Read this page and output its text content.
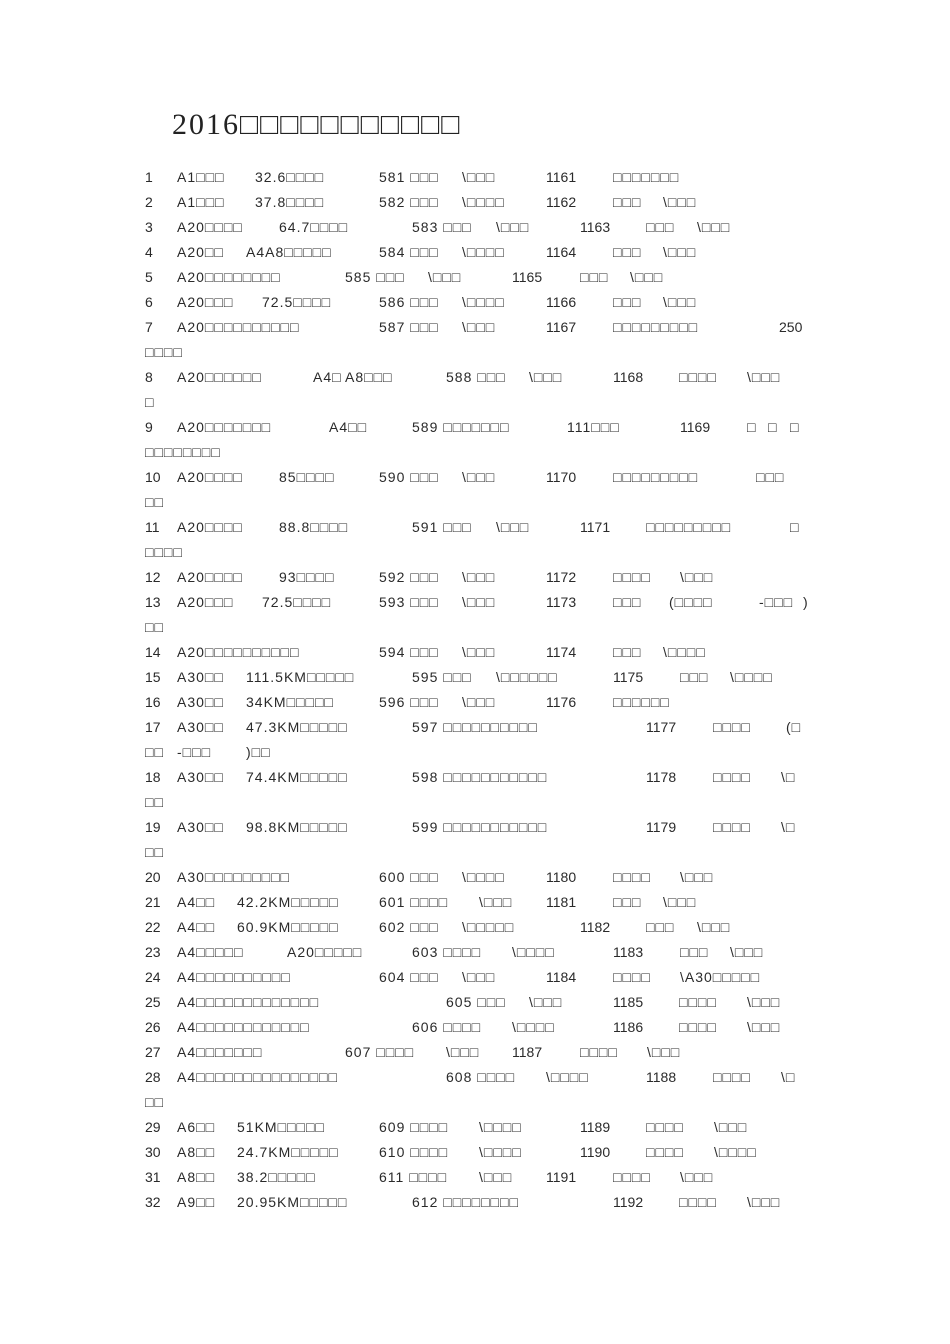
2016□□□□□□□□□□□
1 A1□□□ 32.6□□□□	581 □□□ \□□□	1161	□□□□□□□
2 A1□□□ 37.8□□□□	582 □□□ \□□□□	1162	□□□ \□□□
3 A20□□□□	64.7□□□□	583 □□□ \□□□	1163	□□□ \□□□
4 A20□□ A4A8□□□□□	584 □□□ \□□□□	1164	□□□ \□□□
5 A20□□□□□□□□	585 □□□ \□□□	1165	□□□ \□□□
6 A20□□□ 72.5□□□□	586 □□□ \□□□□	1166	□□□ \□□□
7 A20□□□□□□□□□□	587 □□□ \□□□	1167	□□□□□□□□□	250
□□□□
8 A20□□□□□□	A4□ A8□□□	588 □□□ \□□□	1168	□□□□ \□□□
□
9 A20□□□□□□□	A4□□	589 □□□□□□□	111□□□	1169	□ □ □
□□□□□□□□
10 A20□□□□	85□□□□	590 □□□ \□□□	1170	□□□□□□□□□	□□□
□□
11 A20□□□□	88.8□□□□	591 □□□ \□□□	1171	□□□□□□□□□	□
□□□□
12 A20□□□□	93□□□□	592 □□□ \□□□	1172	□□□□ \□□□
13 A20□□□ 72.5□□□□	593 □□□ \□□□	1173	□□□ (□□□□	-□□□ )
□□
14 A20□□□□□□□□□□	594 □□□ \□□□	1174	□□□ \□□□□
15 A30□□ 111.5KM□□□□□	595 □□□ \□□□□□□	1175	□□□ \□□□□
16 A30□□ 34KM□□□□□	596 □□□ \□□□	1176	□□□□□□
17 A30□□ 47.3KM□□□□□	597 □□□□□□□□□□	1177	□□□□	(□
□□ -□□□ )□□
18 A30□□ 74.4KM□□□□□	598 □□□□□□□□□□□	1178	□□□□ \□
□□
19 A30□□ 98.8KM□□□□□	599 □□□□□□□□□□□	1179	□□□□ \□
□□
20 A30□□□□□□□□□	600 □□□ \□□□□	1180	□□□□ \□□□
21 A4□□ 42.2KM□□□□□	601 □□□□ \□□□ 1181	□□□ \□□□
22 A4□□ 60.9KM□□□□□	602 □□□ \□□□□□	1182	□□□ \□□□
23 A4□□□□□	A20□□□□□	603 □□□□ \□□□□	1183	□□□ \□□□
24 A4□□□□□□□□□□	604 □□□ \□□□	1184	□□□□ \A30□□□□□
25 A4□□□□□□□□□□□□□	605 □□□ \□□□	1185	□□□□ \□□□
26 A4□□□□□□□□□□□□	606 □□□□ \□□□□	1186	□□□□ \□□□
27 A4□□□□□□□	607 □□□□ \□□□ 1187	□□□□ \□□□
28 A4□□□□□□□□□□□□□□□	608 □□□□ \□□□□	1188	□□□□ \□
□□
29 A6□□ 51KM□□□□□	609 □□□□ \□□□□	1189	□□□□ \□□□
30 A8□□ 24.7KM□□□□□	610 □□□□ \□□□□	1190	□□□□ \□□□□
31 A8□□ 38.2□□□□□	611 □□□□ \□□□ 1191	□□□□ \□□□
32 A9□□ 20.95KM□□□□□	612 □□□□□□□□	1192	□□□□ \□□□
